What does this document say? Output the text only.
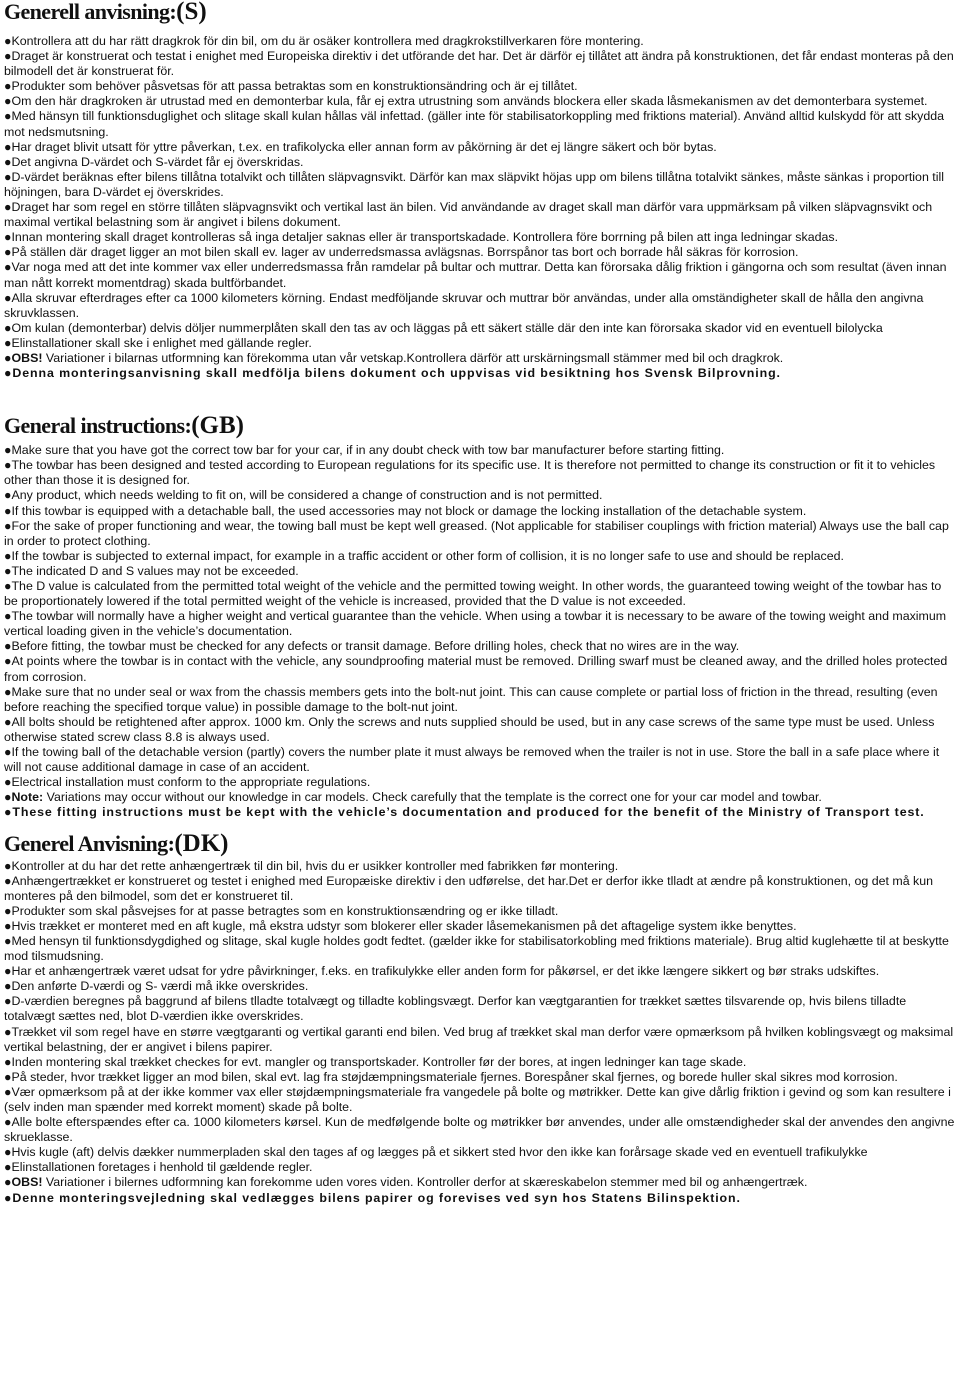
Generell anvisning:(S)
●Kontrollera att du har rätt dragkrok för din bil, om du är osäker kontrollera med dragkrokstillverkaren före montering.
●Draget är konstruerat och testat i enighet med Europeiska direktiv i det utförande det har. Det är därför ej tillåtet att ändra på konstruktionen, det får endast monteras på den bilmodell det är konstruerat för.
●Produkter som behöver påsvetsas för att passa betraktas som en konstruktionsändring och är ej tillåtet.
●Om den här dragkroken är utrustad med en demonterbar kula, får ej extra utrustning som används blockera eller skada låsmekanismen av det demonterbara systemet.
●Med hänsyn till funktionsduglighet och slitage skall kulan hållas väl infettad. (gäller inte för stabilisatorkoppling med friktions material). Använd alltid kulskydd för att skydda mot nedsmutsning.
●Har draget blivit utsatt för yttre påverkan, t.ex. en trafikolycka eller annan form av påkörning är det ej längre säkert och bör bytas.
●Det angivna D-värdet och S-värdet får ej överskridas.
●D-värdet beräknas efter bilens tillåtna totalvikt och tillåten släpvagnsvikt. Därför kan max släpvikt höjas upp om bilens tillåtna totalvikt sänkes, måste sänkas i proportion till höjningen, bara D-värdet ej överskrides.
●Draget har som regel en större tillåten släpvagnsvikt och vertikal last än bilen. Vid användande av draget skall man därför vara uppmärksam på vilken släpvagnsvikt och maximal vertikal belastning som är angivet i bilens dokument.
●Innan montering skall draget kontrolleras så inga detaljer saknas eller är transportskadade. Kontrollera före borrning på bilen att inga ledningar skadas.
●På ställen där draget ligger an mot bilen skall ev. lager av underredsmassa avlägsnas. Borrspånor tas bort och borrade hål säkras för korrosion.
●Var noga med att det inte kommer vax eller underredsmassa från ramdelar på bultar och muttrar. Detta kan förorsaka dålig friktion i gängorna och som resultat (även innan man nått korrekt momentdrag) skada bultförbandet.
●Alla skruvar efterdrages efter ca 1000 kilometers körning. Endast medföljande skruvar och muttrar bör användas, under alla omständigheter skall de hålla den angivna skruvklassen.
●Om kulan (demonterbar) delvis döljer nummerplåten skall den tas av och läggas på ett säkert ställe där den inte kan förorsaka skador vid en eventuell bilolycka
●Elinstallationer skall ske i enlighet med gällande regler.
●OBS! Variationer i bilarnas utformning kan förekomma utan vår vetskap.Kontrollera därför att urskärningsmall stämmer med bil och dragkrok.
●Denna monteringsanvisning skall medfölja bilens dokument och uppvisas vid besiktning hos Svensk Bilprovning.
General instructions:(GB)
●Make sure that you have got the correct tow bar for your car, if in any doubt check with tow bar manufacturer before starting fitting.
●The towbar has been designed and tested according to European regulations for its specific use. It is therefore not permitted to change its construction or fit it to vehicles other than those it is designed for.
●Any product, which needs welding to fit on, will be considered a change of construction and is not permitted.
●If this towbar is equipped with a detachable ball, the used accessories may not block or damage the locking installation of the detachable system.
●For the sake of proper functioning and wear, the towing ball must be kept well greased. (Not applicable for stabiliser couplings with friction material) Always use the ball cap in order to protect clothing.
●If the towbar is subjected to external impact, for example in a traffic accident or other form of collision, it is no longer safe to use and should be replaced.
●The indicated D and S values may not be exceeded.
●The D value is calculated from the permitted total weight of the vehicle and the permitted towing weight. In other words, the guaranteed towing weight of the towbar has to be proportionately lowered if the total permitted weight of the vehicle is increased, provided that the D value is not exceeded.
●The towbar will normally have a higher weight and vertical guarantee than the vehicle. When using a towbar it is necessary to be aware of the towing weight and maximum vertical loading given in the vehicle’s documentation.
●Before fitting, the towbar must be checked for any defects or transit damage. Before drilling holes, check that no wires are in the way.
●At points where the towbar is in contact with the vehicle, any soundproofing material must be removed. Drilling swarf must be cleaned away, and the drilled holes protected from corrosion.
●Make sure that no under seal or wax from the chassis members gets into the bolt-nut joint. This can cause complete or partial loss of friction in the thread, resulting (even before reaching the specified torque value) in possible damage to the bolt-nut joint.
●All bolts should be retightened after approx. 1000 km. Only the screws and nuts supplied should be used, but in any case screws of the same type must be used. Unless otherwise stated screw class 8.8 is always used.
●If the towing ball of the detachable version (partly) covers the number plate it must always be removed when the trailer is not in use. Store the ball in a safe place where it will not cause additional damage in case of an accident.
●Electrical installation must conform to the appropriate regulations.
●Note: Variations may occur without our knowledge in car models. Check carefully that the template is the correct one for your car model and towbar.
●These fitting instructions must be kept with the vehicle’s documentation and produced for the benefit of the Ministry of Transport test.
Generel Anvisning:(DK)
●Kontroller at du har det rette anhængertræk til din bil, hvis du er usikker kontroller med fabrikken før montering.
●Anhængertrækket er konstrueret og testet i enighed med Europæiske direktiv i den udførelse, det har.Det er derfor ikke tlladt at ændre på konstruktionen, og det må kun monteres på den bilmodel, som det er konstrueret til.
●Produkter som skal påsvejses for at passe betragtes som en konstruktionsændring og er ikke tilladt.
●Hvis trækket er monteret med en aft kugle, må ekstra udstyr som blokerer eller skader låsemekanismen på det aftagelige system ikke benyttes.
●Med hensyn til funktionsdygdighed og slitage, skal kugle holdes godt fedtet. (gælder ikke for stabilisatorkobling med friktions materiale). Brug altid kuglehætte til at beskytte mod tilsmudsning.
●Har et anhængertræk været udsat for ydre påvirkninger, f.eks. en trafikulykke eller anden form for påkørsel, er det ikke længere sikkert og bør straks udskiftes.
●Den anførte D-værdi og S- værdi må ikke overskrides.
●D-værdien beregnes på baggrund af bilens tlladte totalvægt og tilladte koblingsvægt. Derfor kan vægtgarantien for trækket sættes tilsvarende op, hvis bilens tilladte totalvægt sættes ned, blot D-værdien ikke overskrides.
●Trækket vil som regel have en større vægtgaranti og vertikal garanti end bilen. Ved brug af trækket skal man derfor være opmærksom på hvilken koblingsvægt og maksimal vertikal belastning, der er angivet i bilens papirer.
●Inden montering skal trækket checkes for evt. mangler og transportskader. Kontroller før der bores, at ingen ledninger kan tage skade.
●På steder, hvor trækket ligger an mod bilen, skal evt. lag fra støjdæmpningsmateriale fjernes. Borespåner skal fjernes, og borede huller skal sikres mod korrosion.
●Vær opmærksom på at der ikke kommer vax eller støjdæmpningsmateriale fra vangedele på bolte og møtrikker. Dette kan give dårlig friktion i gevind og som kan resultere i (selv inden man spænder med korrekt moment) skade på bolte.
●Alle bolte efterspændes efter ca. 1000 kilometers kørsel. Kun de medfølgende bolte og møtrikker bør anvendes, under alle omstændigheder skal der anvendes den angivne skrueklasse.
●Hvis kugle (aft) delvis dækker nummerpladen skal den tages af og lægges på et sikkert sted hvor den ikke kan forårsage skade ved en eventuell trafikulykke
●Elinstallationen foretages i henhold til gældende regler.
●OBS! Variationer i bilernes udformning kan forekomme uden vores viden. Kontroller derfor at skæreskabelon stemmer med bil og anhængertræk.
●Denne monteringsvejledning skal vedlægges bilens papirer og forevises ved syn hos Statens Bilinspektion.
